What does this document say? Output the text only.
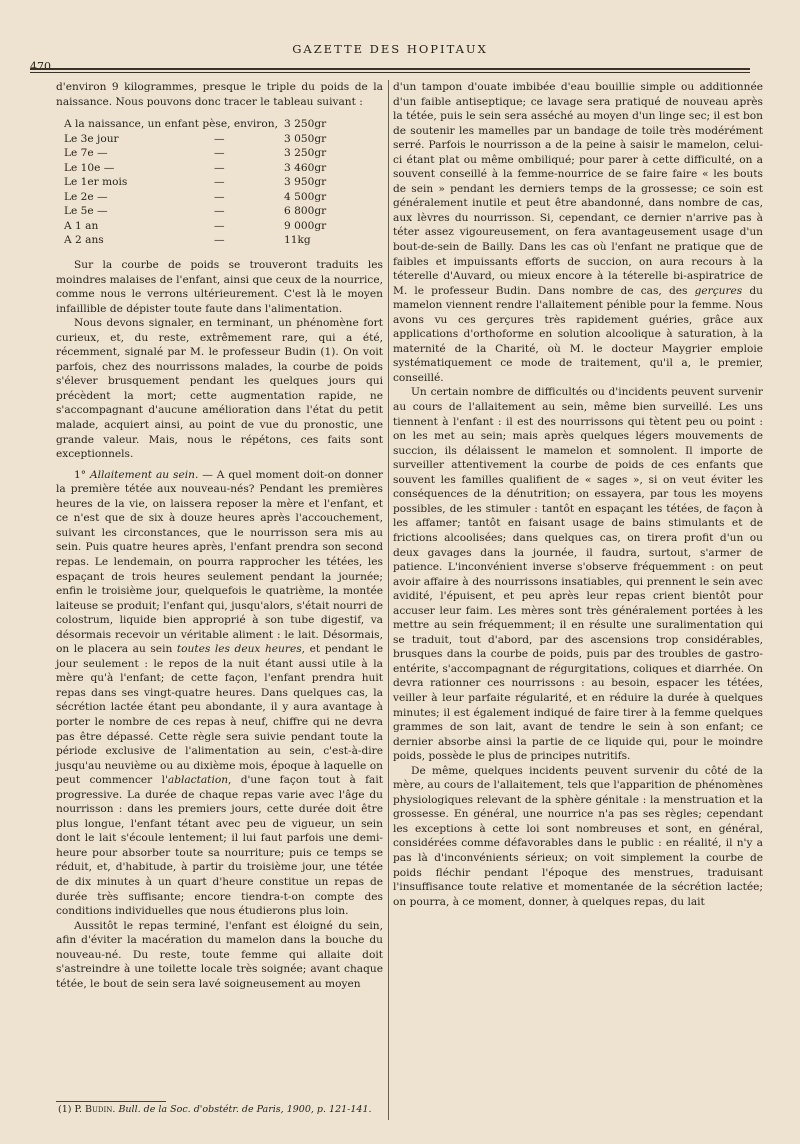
GAZETTE DES HOPITAUX
470

d'environ 9 kilogrammes, presque le triple du poids de la naissance. Nous pouvons donc tracer le tableau suivant :

A la naissance, un enfant pèse, environ, 3 250gr
Le 3e jour	—	3 050gr
Le 7e —	—	3 250gr
Le 10e —	—	3 460gr
Le 1er mois	—	3 950gr
Le 2e —	—	4 500gr
Le 5e —	—	6 800gr
A 1 an	—	9 000gr
A 2 ans	—	11kg

Sur la courbe de poids se trouveront traduits les moindres malaises de l'enfant, ainsi que ceux de la nourrice, comme nous le verrons ultérieurement. C'est là le moyen infaillible de dépister toute faute dans l'alimentation.

Nous devons signaler, en terminant, un phénomène fort curieux, et, du reste, extrêmement rare, qui a été, récemment, signalé par M. le professeur Budin (1). On voit parfois, chez des nourrissons malades, la courbe de poids s'élever brusquement pendant les quelques jours qui précèdent la mort; cette augmentation rapide, ne s'accompagnant d'aucune amélioration dans l'état du petit malade, acquiert ainsi, au point de vue du pronostic, une grande valeur. Mais, nous le répétons, ces faits sont exceptionnels.

1° Allaitement au sein. — A quel moment doit-on donner la première tétée aux nouveau-nés? Pendant les premières heures de la vie, on laissera reposer la mère et l'enfant, et ce n'est que de six à douze heures après l'accouchement, suivant les circonstances, que le nourrisson sera mis au sein. Puis quatre heures après, l'enfant prendra son second repas. Le lendemain, on pourra rapprocher les tétées, les espaçant de trois heures seulement pendant la journée; enfin le troisième jour, quelquefois le quatrième, la montée laiteuse se produit; l'enfant qui, jusqu'alors, s'était nourri de colostrum, liquide bien approprié à son tube digestif, va désormais recevoir un véritable aliment : le lait. Désormais, on le placera au sein toutes les deux heures, et pendant le jour seulement : le repos de la nuit étant aussi utile à la mère qu'à l'enfant; de cette façon, l'enfant prendra huit repas dans ses vingt-quatre heures. Dans quelques cas, la sécrétion lactée étant peu abondante, il y aura avantage à porter le nombre de ces repas à neuf, chiffre qui ne devra pas être dépassé. Cette règle sera suivie pendant toute la période exclusive de l'alimentation au sein, c'est-à-dire jusqu'au neuvième ou au dixième mois, époque à laquelle on peut commencer l'ablactation, d'une façon tout à fait progressive. La durée de chaque repas varie avec l'âge du nourrisson : dans les premiers jours, cette durée doit être plus longue, l'enfant tétant avec peu de vigueur, un sein dont le lait s'écoule lentement; il lui faut parfois une demi-heure pour absorber toute sa nourriture; puis ce temps se réduit, et, d'habitude, à partir du troisième jour, une tétée de dix minutes à un quart d'heure constitue un repas de durée très suffisante; encore tiendra-t-on compte des conditions individuelles que nous étudierons plus loin.

Aussitôt le repas terminé, l'enfant est éloigné du sein, afin d'éviter la macération du mamelon dans la bouche du nouveau-né. Du reste, toute femme qui allaite doit s'astreindre à une toilette locale très soignée; avant chaque tétée, le bout de sein sera lavé soigneusement au moyen

d'un tampon d'ouate imbibée d'eau bouillie simple ou additionnée d'un faible antiseptique; ce lavage sera pratiqué de nouveau après la tétée, puis le sein sera asséché au moyen d'un linge sec; il est bon de soutenir les mamelles par un bandage de toile très modérément serré. Parfois le nourrisson a de la peine à saisir le mamelon, celui-ci étant plat ou même ombiliqué; pour parer à cette difficulté, on a souvent conseillé à la femme-nourrice de se faire faire « les bouts de sein » pendant les derniers temps de la grossesse; ce soin est généralement inutile et peut être abandonné, dans nombre de cas, aux lèvres du nourrisson. Si, cependant, ce dernier n'arrive pas à téter assez vigoureusement, on fera avantageusement usage d'un bout-de-sein de Bailly. Dans les cas où l'enfant ne pratique que de faibles et impuissants efforts de succion, on aura recours à la téterelle d'Auvard, ou mieux encore à la téterelle bi-aspiratrice de M. le professeur Budin. Dans nombre de cas, des gerçures du mamelon viennent rendre l'allaitement pénible pour la femme. Nous avons vu ces gerçures très rapidement guéries, grâce aux applications d'orthoforme en solution alcoolique à saturation, à la maternité de la Charité, où M. le docteur Maygrier emploie systématiquement ce mode de traitement, qu'il a, le premier, conseillé.

Un certain nombre de difficultés ou d'incidents peuvent survenir au cours de l'allaitement au sein, même bien surveillé. Les uns tiennent à l'enfant : il est des nourrissons qui tètent peu ou point : on les met au sein; mais après quelques légers mouvements de succion, ils délaissent le mamelon et somnolent. Il importe de surveiller attentivement la courbe de poids de ces enfants que souvent les familles qualifient de « sages », si on veut éviter les conséquences de la dénutrition; on essayera, par tous les moyens possibles, de les stimuler : tantôt en espaçant les tétées, de façon à les affamer; tantôt en faisant usage de bains stimulants et de frictions alcoolisées; dans quelques cas, on tirera profit d'un ou deux gavages dans la journée, il faudra, surtout, s'armer de patience. L'inconvénient inverse s'observe fréquemment : on peut avoir affaire à des nourrissons insatiables, qui prennent le sein avec avidité, l'épuisent, et peu après leur repas crient bientôt pour accuser leur faim. Les mères sont très généralement portées à les mettre au sein fréquemment; il en résulte une suralimentation qui se traduit, tout d'abord, par des ascensions trop considérables, brusques dans la courbe de poids, puis par des troubles de gastro-entérite, s'accompagnant de régurgitations, coliques et diarrhée. On devra rationner ces nourrissons : au besoin, espacer les tétées, veiller à leur parfaite régularité, et en réduire la durée à quelques minutes; il est également indiqué de faire tirer à la femme quelques grammes de son lait, avant de tendre le sein à son enfant; ce dernier absorbe ainsi la partie de ce liquide qui, pour le moindre poids, possède le plus de principes nutritifs.

De même, quelques incidents peuvent survenir du côté de la mère, au cours de l'allaitement, tels que l'apparition de phénomènes physiologiques relevant de la sphère génitale : la menstruation et la grossesse. En général, une nourrice n'a pas ses règles; cependant les exceptions à cette loi sont nombreuses et sont, en général, considérées comme défavorables dans le public : en réalité, il n'y a pas là d'inconvénients sérieux; on voit simplement la courbe de poids fléchir pendant l'époque des menstrues, traduisant l'insuffisance toute relative et momentanée de la sécrétion lactée; on pourra, à ce moment, donner, à quelques repas, du lait

(1) P. Budin. Bull. de la Soc. d'obstétr. de Paris, 1900, p. 121-141.
